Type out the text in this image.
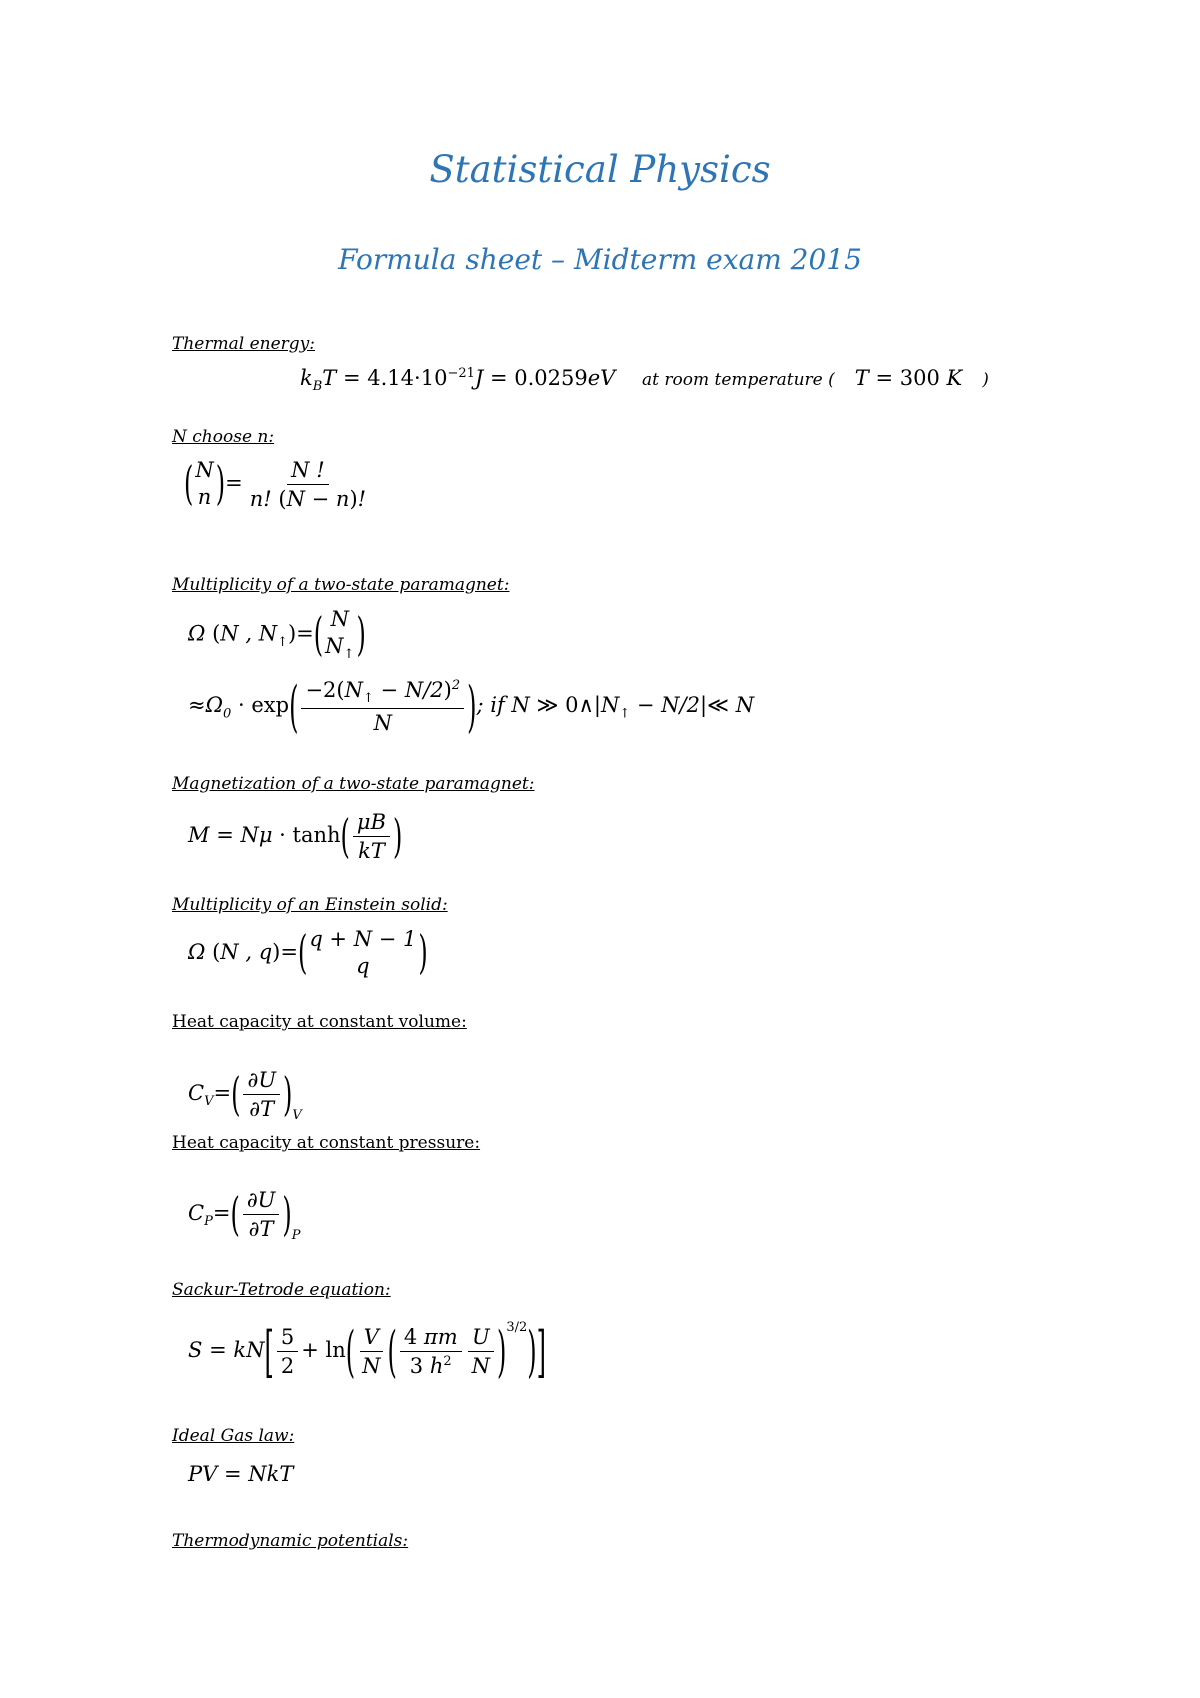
Statistical Physics
Formula sheet – Midterm exam 2015
Thermal energy:
$k_BT = 4.14\cdot 10^{-21}J = 0.0259eV$    at room temperature (   T = 300 K   )
N choose n:
( N
n )= $\frac{N !}{n! (N - n)!}$
Multiplicity of a two-state paramagnet:
Ω (N , $N_↑)=$( N
$N_↑$ )
$\approx\Omega_0 \cdot \exp( \frac{-2(N_↑ - N/2)^2}{N}$ ); if N ≫ $0\wedge|N_↑$ − N/2|≪ N
Magnetization of a two-state paramagnet:
$M = N\mu \cdot \tanh( \frac{\mu B}{kT}$ )
Multiplicity of an Einstein solid:
Ω (N , q)=( q + N − 1
q )
Heat capacity at constant volume:
$C_V=( \frac{\partial U}{\partial T} )_V$
Heat capacity at constant pressure:
$C_P=( \frac{\partial U}{\partial T} )_P$
Sackur-Tetrode equation:
$S = kN[ \frac{5}{2} + \ln( \frac{V}{N}$ ( $\frac{4 \pi m}{3 h^2} \frac{U}{N} )^{3/2}$)]
Ideal Gas law:
PV = NkT
Thermodynamic potentials:
